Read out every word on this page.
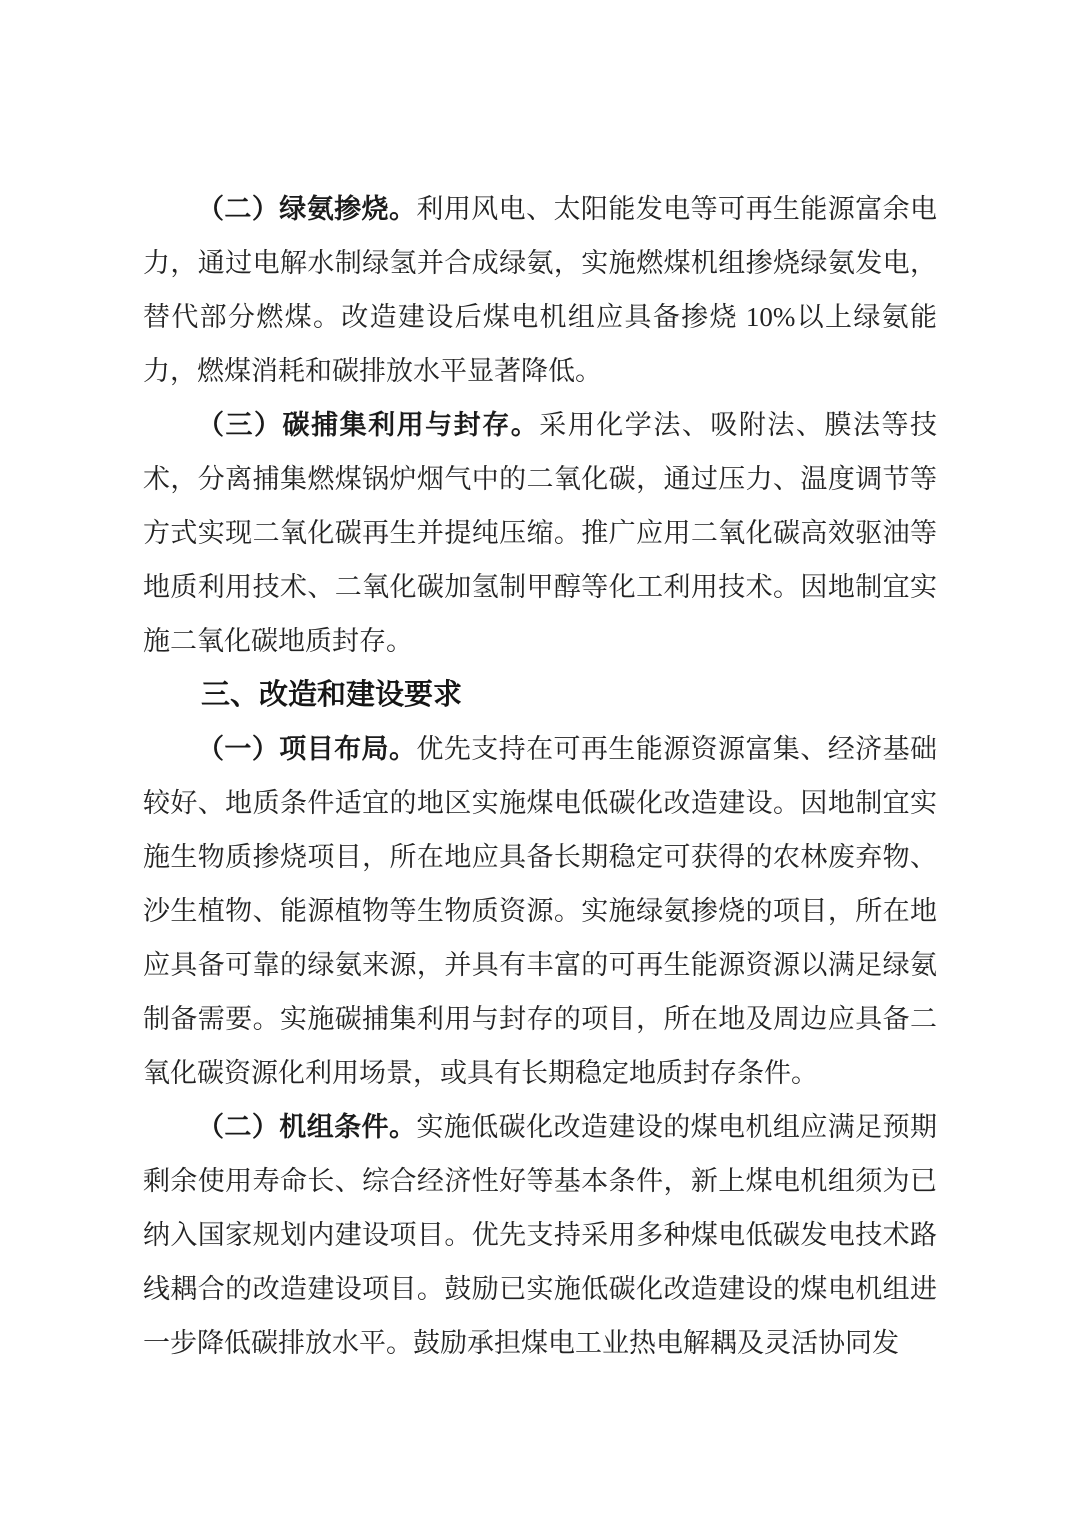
（二）绿氨掺烧。利用风电、太阳能发电等可再生能源富余电力，通过电解水制绿氢并合成绿氨，实施燃煤机组掺烧绿氨发电，替代部分燃煤。改造建设后煤电机组应具备掺烧 10%以上绿氨能力，燃煤消耗和碳排放水平显著降低。

（三）碳捕集利用与封存。采用化学法、吸附法、膜法等技术，分离捕集燃煤锅炉烟气中的二氧化碳，通过压力、温度调节等方式实现二氧化碳再生并提纯压缩。推广应用二氧化碳高效驱油等地质利用技术、二氧化碳加氢制甲醇等化工利用技术。因地制宜实施二氧化碳地质封存。

三、改造和建设要求

（一）项目布局。优先支持在可再生能源资源富集、经济基础较好、地质条件适宜的地区实施煤电低碳化改造建设。因地制宜实施生物质掺烧项目，所在地应具备长期稳定可获得的农林废弃物、沙生植物、能源植物等生物质资源。实施绿氨掺烧的项目，所在地应具备可靠的绿氨来源，并具有丰富的可再生能源资源以满足绿氨制备需要。实施碳捕集利用与封存的项目，所在地及周边应具备二氧化碳资源化利用场景，或具有长期稳定地质封存条件。

（二）机组条件。实施低碳化改造建设的煤电机组应满足预期剩余使用寿命长、综合经济性好等基本条件，新上煤电机组须为已纳入国家规划内建设项目。优先支持采用多种煤电低碳发电技术路线耦合的改造建设项目。鼓励已实施低碳化改造建设的煤电机组进一步降低碳排放水平。鼓励承担煤电工业热电解耦及灵活协同发
